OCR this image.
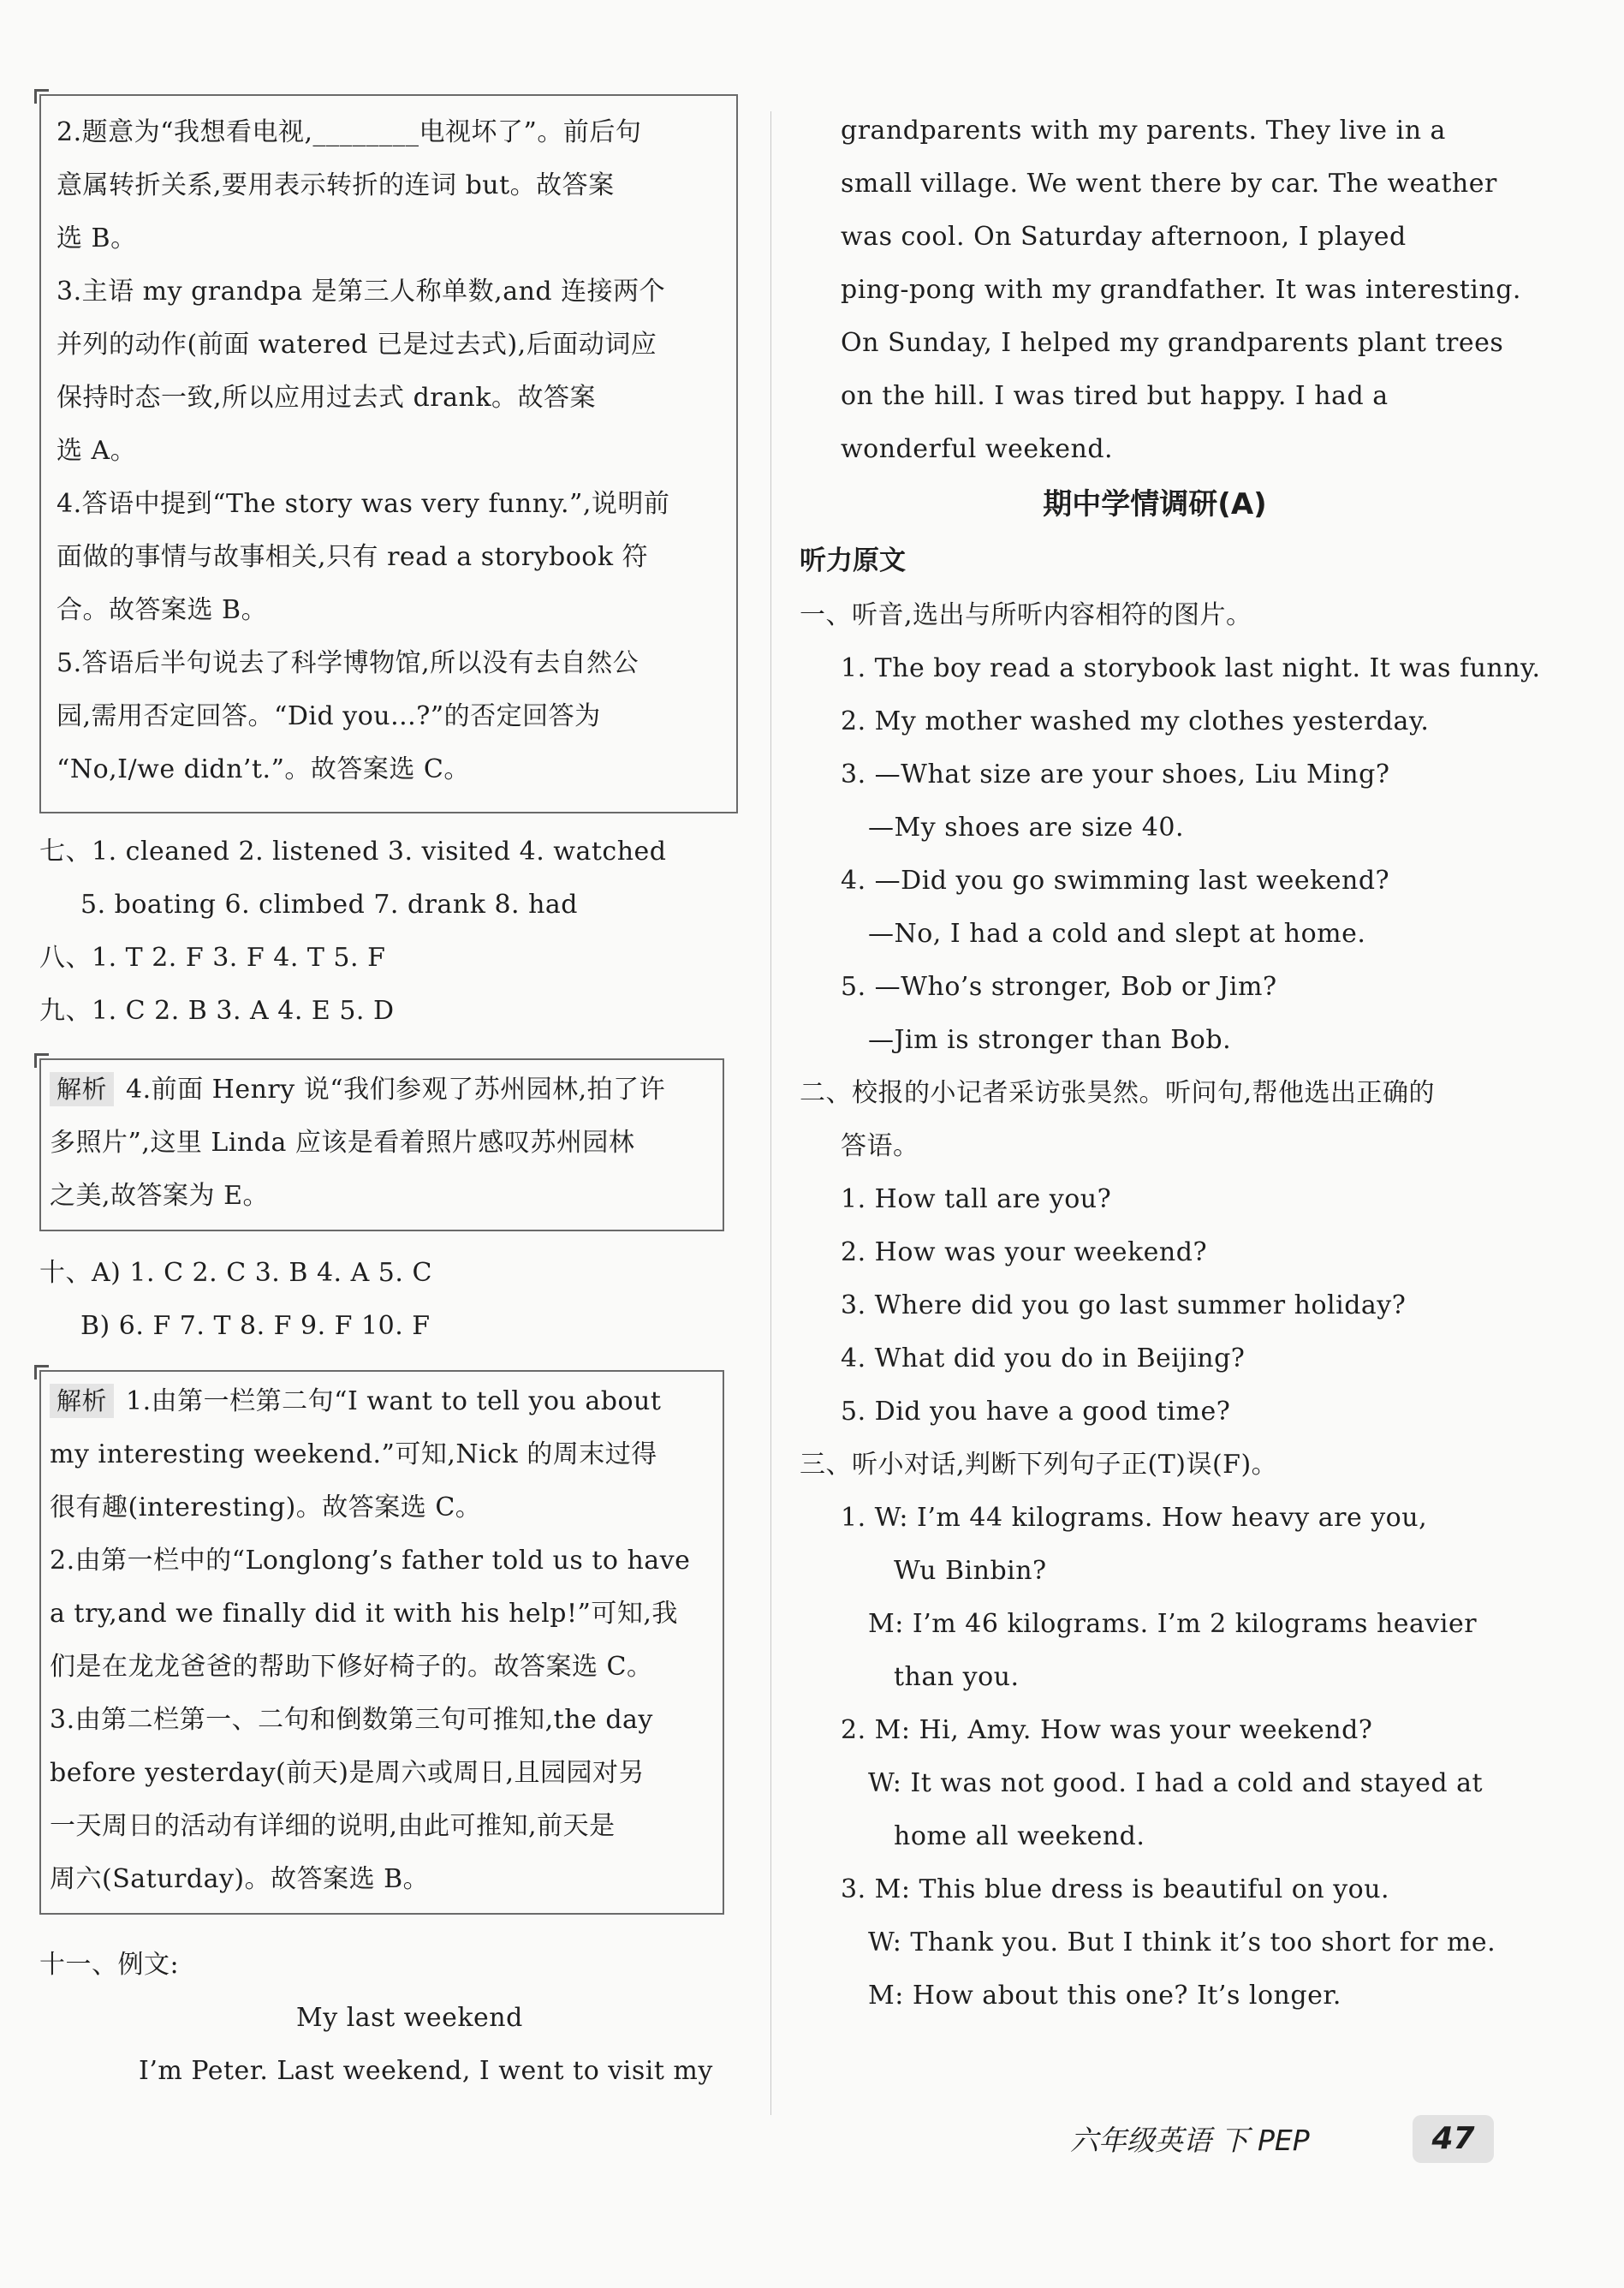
2.题意为“我想看电视,________电视坏了”。前后句
意属转折关系,要用表示转折的连词 but。故答案
选 B。
3.主语 my grandpa 是第三人称单数,and 连接两个
并列的动作(前面 watered 已是过去式),后面动词应
保持时态一致,所以应用过去式 drank。故答案
选 A。
4.答语中提到“The story was very funny.”,说明前
面做的事情与故事相关,只有 read a storybook 符
合。故答案选 B。
5.答语后半句说去了科学博物馆,所以没有去自然公
园,需用否定回答。“Did you...?”的否定回答为
“No,I/we didn’t.”。故答案选 C。
七、1. cleaned 2. listened 3. visited 4. watched
5. boating 6. climbed 7. drank 8. had
八、1. T 2. F 3. F 4. T 5. F
九、1. C 2. B 3. A 4. E 5. D
解析 4.前面 Henry 说“我们参观了苏州园林,拍了许
多照片”,这里 Linda 应该是看着照片感叹苏州园林
之美,故答案为 E。
十、A) 1. C 2. C 3. B 4. A 5. C
B) 6. F 7. T 8. F 9. F 10. F
解析 1.由第一栏第二句“I want to tell you about
my interesting weekend.”可知,Nick 的周末过得
很有趣(interesting)。故答案选 C。
2.由第一栏中的“Longlong’s father told us to have
a try,and we finally did it with his help!”可知,我
们是在龙龙爸爸的帮助下修好椅子的。故答案选 C。
3.由第二栏第一、二句和倒数第三句可推知,the day
before yesterday(前天)是周六或周日,且园园对另
一天周日的活动有详细的说明,由此可推知,前天是
周六(Saturday)。故答案选 B。
十一、例文:
My last weekend
I’m Peter. Last weekend, I went to visit my
grandparents with my parents. They live in a
small village. We went there by car. The weather
was cool. On Saturday afternoon, I played
ping-pong with my grandfather. It was interesting.
On Sunday, I helped my grandparents plant trees
on the hill. I was tired but happy. I had a
wonderful weekend.
期中学情调研(A)
听力原文
一、听音,选出与所听内容相符的图片。
1. The boy read a storybook last night. It was funny.
2. My mother washed my clothes yesterday.
3. —What size are your shoes, Liu Ming?
—My shoes are size 40.
4. —Did you go swimming last weekend?
—No, I had a cold and slept at home.
5. —Who’s stronger, Bob or Jim?
—Jim is stronger than Bob.
二、校报的小记者采访张昊然。听问句,帮他选出正确的
答语。
1. How tall are you?
2. How was your weekend?
3. Where did you go last summer holiday?
4. What did you do in Beijing?
5. Did you have a good time?
三、听小对话,判断下列句子正(T)误(F)。
1. W: I’m 44 kilograms. How heavy are you,
Wu Binbin?
M: I’m 46 kilograms. I’m 2 kilograms heavier
than you.
2. M: Hi, Amy. How was your weekend?
W: It was not good. I had a cold and stayed at
home all weekend.
3. M: This blue dress is beautiful on you.
W: Thank you. But I think it’s too short for me.
M: How about this one? It’s longer.
六年级英语 下 PEP	47
